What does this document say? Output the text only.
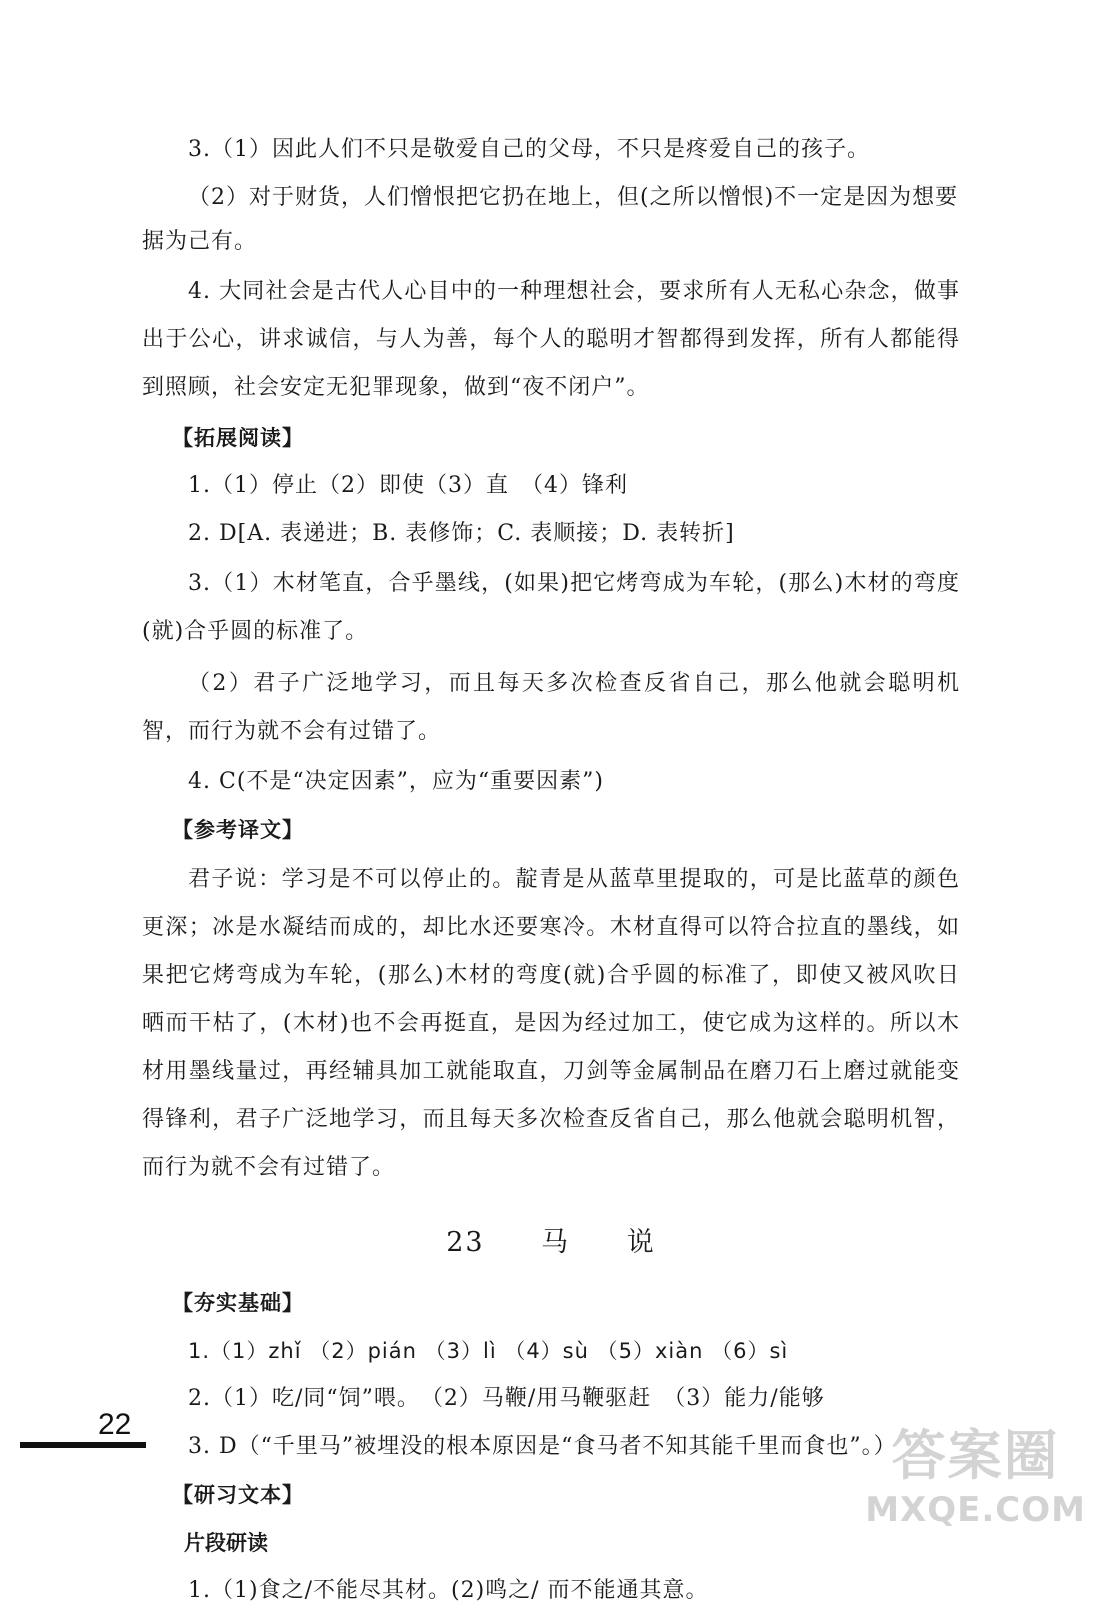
3.（1）因此人们不只是敬爱自己的父母，不只是疼爱自己的孩子。

（2）对于财货，人们憎恨把它扔在地上，但(之所以憎恨)不一定是因为想要据为己有。

4. 大同社会是古代人心目中的一种理想社会，要求所有人无私心杂念，做事出于公心，讲求诚信，与人为善，每个人的聪明才智都得到发挥，所有人都能得到照顾，社会安定无犯罪现象，做到“夜不闭户”。

【拓展阅读】

1.（1）停止（2）即使（3）直　（4）锋利

2. D[A. 表递进；B. 表修饰；C. 表顺接；D. 表转折]

3.（1）木材笔直，合乎墨线，(如果)把它烤弯成为车轮，(那么)木材的弯度(就)合乎圆的标准了。

（2）君子广泛地学习，而且每天多次检查反省自己，那么他就会聪明机智，而行为就不会有过错了。

4. C(不是“决定因素”，应为“重要因素”)

【参考译文】

君子说：学习是不可以停止的。靛青是从蓝草里提取的，可是比蓝草的颜色更深；冰是水凝结而成的，却比水还要寒冷。木材直得可以符合拉直的墨线，如果把它烤弯成为车轮，(那么)木材的弯度(就)合乎圆的标准了，即使又被风吹日晒而干枯了，(木材)也不会再挺直，是因为经过加工，使它成为这样的。所以木材用墨线量过，再经辅具加工就能取直，刀剑等金属制品在磨刀石上磨过就能变得锋利，君子广泛地学习，而且每天多次检查反省自己，那么他就会聪明机智，而行为就不会有过错了。

23 马 说
【夯实基础】

1.（1）zhǐ （2）pián （3）lì （4）sù （5）xiàn （6）sì

2.（1）吃/同“饲”喂。　（2）马鞭/用马鞭驱赶　（3）能力/能够

3. D（“千里马”被埋没的根本原因是“食马者不知其能千里而食也”。）

【研习文本】
片段研读

1.（1)食之/不能尽其材。(2)鸣之/ 而不能通其意。

22	答案圈
MXQE.COM
